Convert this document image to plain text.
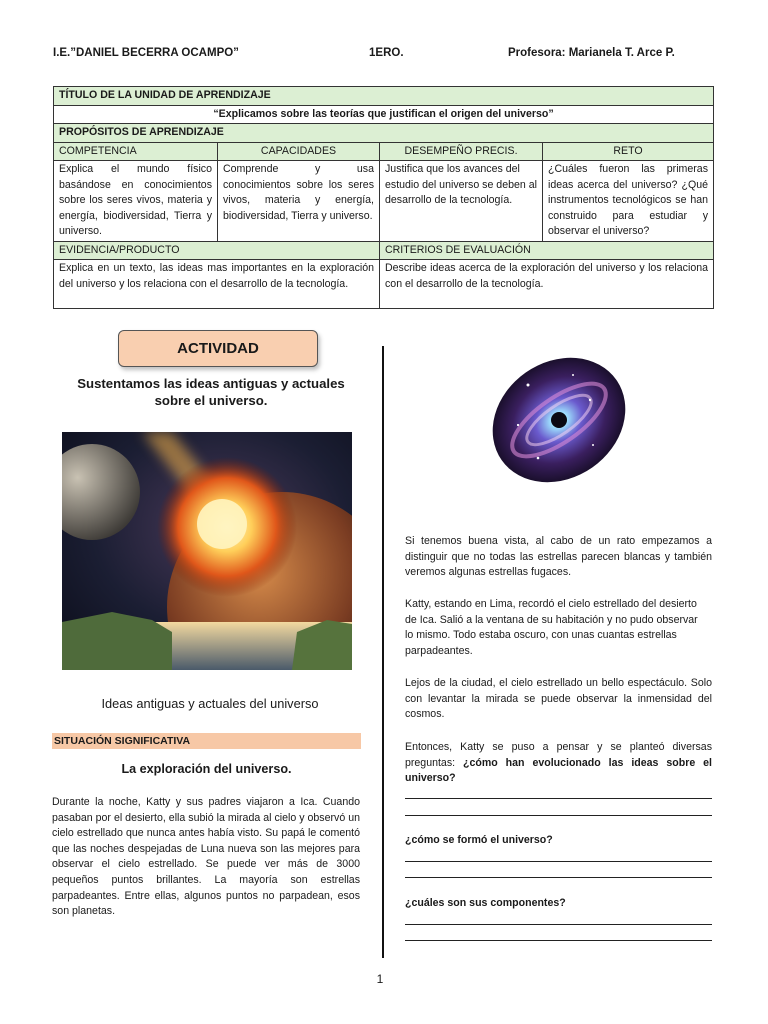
I.E.”DANIEL BECERRA OCAMPO”	1ERO.	Profesora: Marianela T. Arce P.
TÍTULO DE LA UNIDAD DE APRENDIZAJE			
“Explicamos sobre las teorías que justifican el origen del universo”			
PROPÓSITOS DE APRENDIZAJE			
COMPETENCIA	CAPACIDADES	DESEMPEÑO PRECIS.	RETO
Explica el mundo físico basándose en conocimientos sobre los seres vivos, materia y energía, biodiversidad, Tierra y universo.	Comprende y usa conocimientos sobre los seres vivos, materia y energía, biodiversidad, Tierra y universo.	Justifica que los avances del estudio del universo se deben al desarrollo de la tecnología.	¿Cuáles fueron las primeras ideas acerca del universo? ¿Qué instrumentos tecnológicos se han construido para estudiar y observar el universo?
EVIDENCIA/PRODUCTO		CRITERIOS DE EVALUACIÓN	
Explica en un texto, las ideas mas importantes en la exploración del universo y los relaciona con el desarrollo de la tecnología.		Describe ideas acerca de la exploración del universo y los relaciona con el desarrollo de la tecnología.	
ACTIVIDAD
Sustentamos las ideas antiguas y actuales sobre el universo.
Ideas antiguas y actuales del universo
SITUACIÓN SIGNIFICATIVA
La exploración del universo.
Durante la noche, Katty y sus padres viajaron a Ica. Cuando pasaban por el desierto, ella subió la mirada al cielo y observó un cielo estrellado que nunca antes había visto. Su papá le comentó que las noches despejadas de Luna nueva son las mejores para observar el cielo estrellado. Se puede ver más de 3000 pequeños puntos brillantes. La mayoría son estrellas parpadeantes. Entre ellas, algunos puntos no parpadean, esos son planetas.
Si tenemos buena vista, al cabo de un rato empezamos a distinguir que no todas las estrellas parecen blancas y también veremos algunas estrellas fugaces.
Katty, estando en Lima, recordó el cielo estrellado del desierto de Ica. Salió a la ventana de su habitación y no pudo observar lo mismo. Todo estaba oscuro, con unas cuantas estrellas parpadeantes.
Lejos de la ciudad, el cielo estrellado un bello espectáculo. Solo con levantar la mirada se puede observar la inmensidad del cosmos.
Entonces, Katty se puso a pensar y se planteó diversas preguntas: ¿cómo han evolucionado las ideas sobre el universo?
¿cómo se formó el universo?
¿cuáles son sus componentes?
1
